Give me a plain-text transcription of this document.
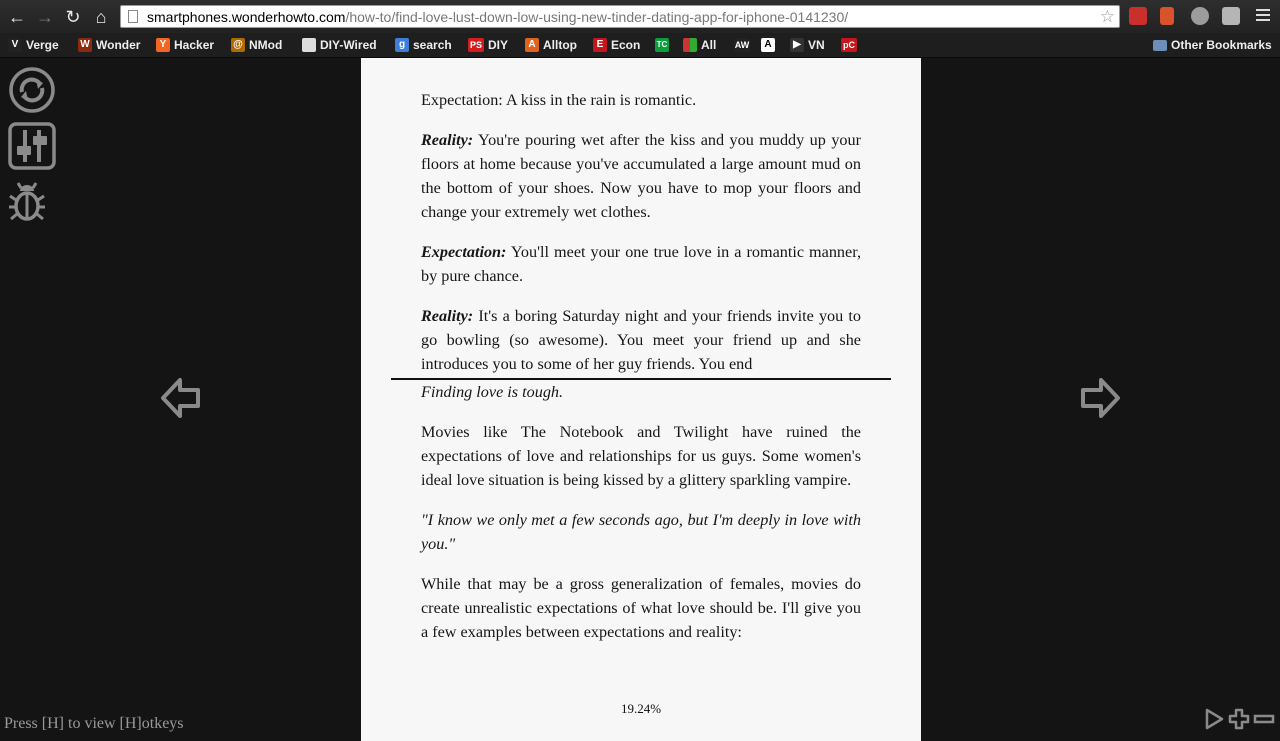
← → ↻ ⌂	smartphones.wonderhowto.com/how-to/find-love-lust-down-low-using-new-tinder-dating-app-for-iphone-0141230/	☆
V Verge W Wonder	Y Hacker @ NMod	DIY-Wired	g search PS DIY	A Alltop	E Econ TC	All AW	A	▶ VN pC	Other Bookmarks

Expectation: A kiss in the rain is romantic.

Reality: You're pouring wet after the kiss and you muddy up your floors at home because you've accumulated a large amount mud on the bottom of your shoes. Now you have to mop your floors and change your extremely wet clothes.

Expectation: You'll meet your one true love in a romantic manner, by pure chance.

Reality: It's a boring Saturday night and your friends invite you to go bowling (so awesome). You meet your friend up and she introduces you to some of her guy friends. You end

Finding love is tough.

Movies like The Notebook and Twilight have ruined the expectations of love and relationships for us guys. Some women's ideal love situation is being kissed by a glittery sparkling vampire.

"I know we only met a few seconds ago, but I'm deeply in love with you."

While that may be a gross generalization of females, movies do create unrealistic expectations of what love should be. I'll give you a few examples between expectations and reality:

19.24%
Press [H] to view [H]otkeys
